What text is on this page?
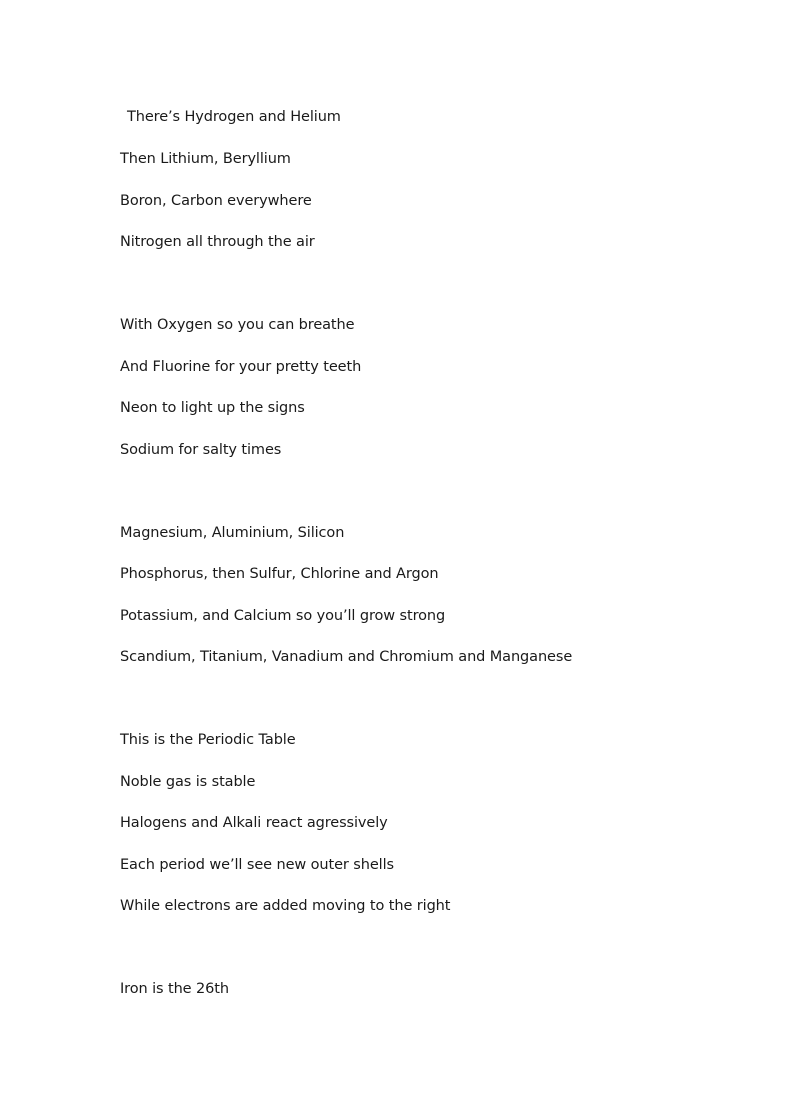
There’s Hydrogen and Helium
Then Lithium, Beryllium
Boron, Carbon everywhere
Nitrogen all through the air
With Oxygen so you can breathe
And Fluorine for your pretty teeth
Neon to light up the signs
Sodium for salty times
Magnesium, Aluminium, Silicon
Phosphorus, then Sulfur, Chlorine and Argon
Potassium, and Calcium so you’ll grow strong
Scandium, Titanium, Vanadium and Chromium and Manganese
This is the Periodic Table
Noble gas is stable
Halogens and Alkali react agressively
Each period we’ll see new outer shells
While electrons are added moving to the right
Iron is the 26th
